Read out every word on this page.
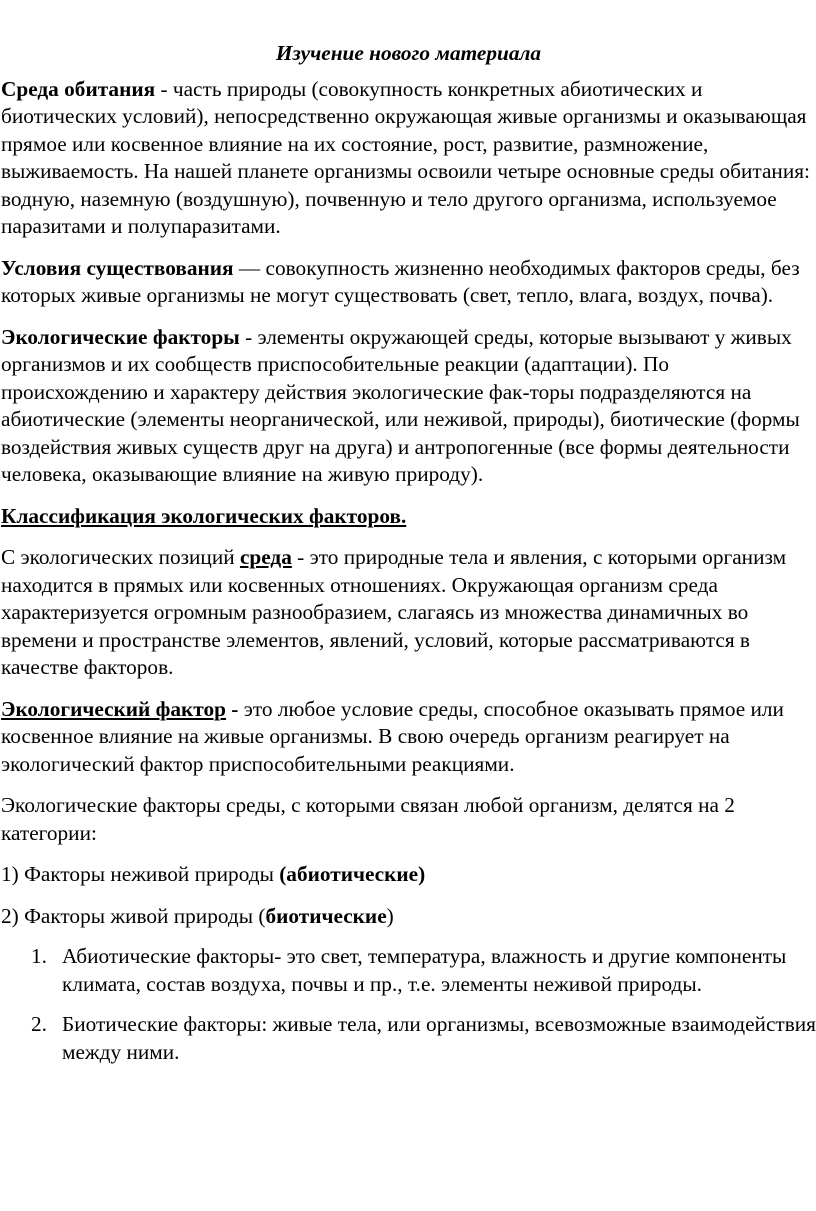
Изучение нового материала

Среда обитания - часть природы (совокупность конкретных абиотических и биотических условий), непосредственно окружающая живые организмы и оказывающая прямое или косвенное влияние на их состояние, рост, развитие, размножение, выживаемость. На нашей планете организмы освоили четыре основные среды обитания: водную, наземную (воздушную), почвенную и тело другого организма, используемое паразитами и полупаразитами.

Условия существования — совокупность жизненно необходимых факторов среды, без которых живые организмы не могут существовать (свет, тепло, влага, воздух, почва).

Экологические факторы - элементы окружающей среды, которые вызывают у живых организмов и их сообществ приспособительные реакции (адаптации). По происхождению и характеру действия экологические фак-торы подразделяются на абиотические (элементы неорганической, или неживой, природы), биотические (формы воздействия живых существ друг на друга) и антропогенные (все формы деятельности человека, оказывающие влияние на живую природу).

Классификация экологических факторов.

С экологических позиций среда - это природные тела и явления, с которыми организм находится в прямых или косвенных отношениях. Окружающая организм среда характеризуется огромным разнообразием, слагаясь из множества динамичных во времени и пространстве элементов, явлений, условий, которые рассматриваются в качестве факторов.

Экологический фактор - это любое условие среды, способное оказывать прямое или косвенное влияние на живые организмы. В свою очередь организм реагирует на экологический фактор приспособительными реакциями.

Экологические факторы среды, с которыми связан любой организм, делятся на 2 категории:

1) Факторы неживой природы (абиотические)

2) Факторы живой природы (биотические)

1. Абиотические факторы- это свет, температура, влажность и другие компоненты климата, состав воздуха, почвы и пр., т.е. элементы неживой природы.
2. Биотические факторы: живые тела, или организмы, всевозможные взаимодействия между ними.
